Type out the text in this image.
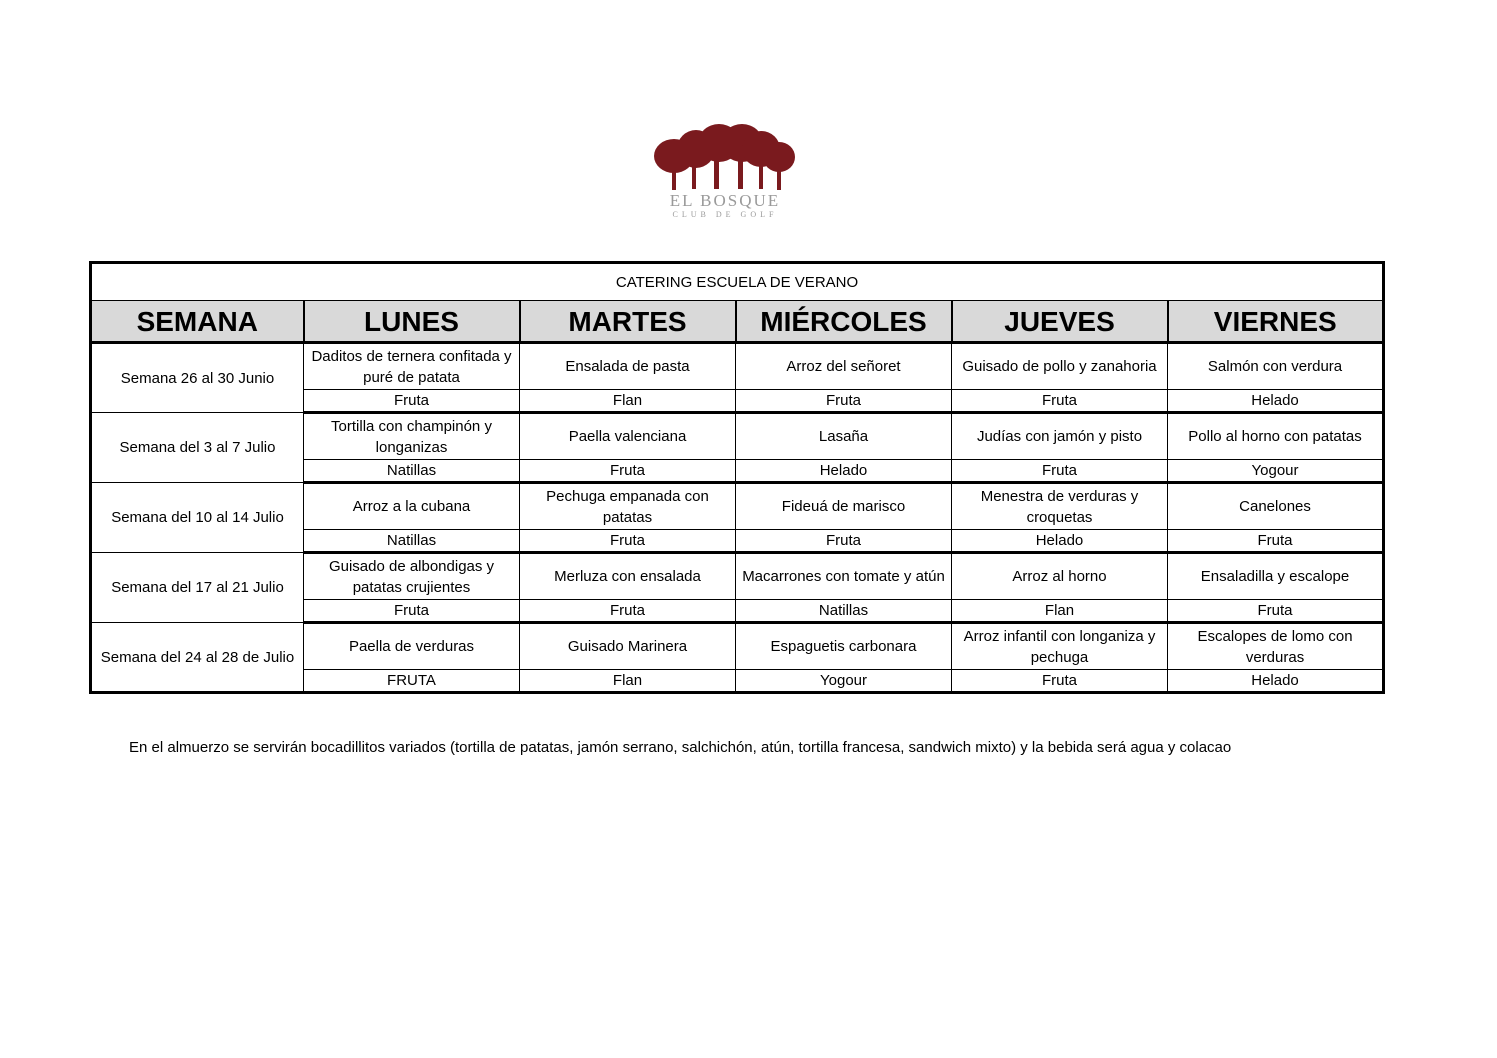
EL BOSQUE
CLUB DE GOLF
CATERING ESCUELA DE VERANO					
SEMANA	LUNES	MARTES	MIÉRCOLES	JUEVES	VIERNES
Semana 26 al 30 Junio	Daditos de ternera confitada y puré de patata	Ensalada de pasta	Arroz del señoret	Guisado de pollo y zanahoria	Salmón con verdura
	Fruta	Flan	Fruta	Fruta	Helado
Semana del 3 al 7 Julio	Tortilla con champinón y longanizas	Paella valenciana	Lasaña	Judías con jamón y pisto	Pollo al horno con patatas
	Natillas	Fruta	Helado	Fruta	Yogour
Semana del 10 al 14 Julio	Arroz a la cubana	Pechuga empanada con patatas	Fideuá de marisco	Menestra de verduras y croquetas	Canelones
	Natillas	Fruta	Fruta	Helado	Fruta
Semana del 17 al 21 Julio	Guisado de albondigas y patatas crujientes	Merluza con ensalada	Macarrones con tomate y atún	Arroz al horno	Ensaladilla y escalope
	Fruta	Fruta	Natillas	Flan	Fruta
Semana del 24 al 28 de Julio	Paella de verduras	Guisado Marinera	Espaguetis carbonara	Arroz infantil con longaniza y pechuga	Escalopes de lomo con verduras
	FRUTA	Flan	Yogour	Fruta	Helado
En el almuerzo se servirán bocadillitos variados (tortilla de patatas, jamón serrano, salchichón, atún, tortilla francesa, sandwich mixto) y la bebida será agua y colacao
